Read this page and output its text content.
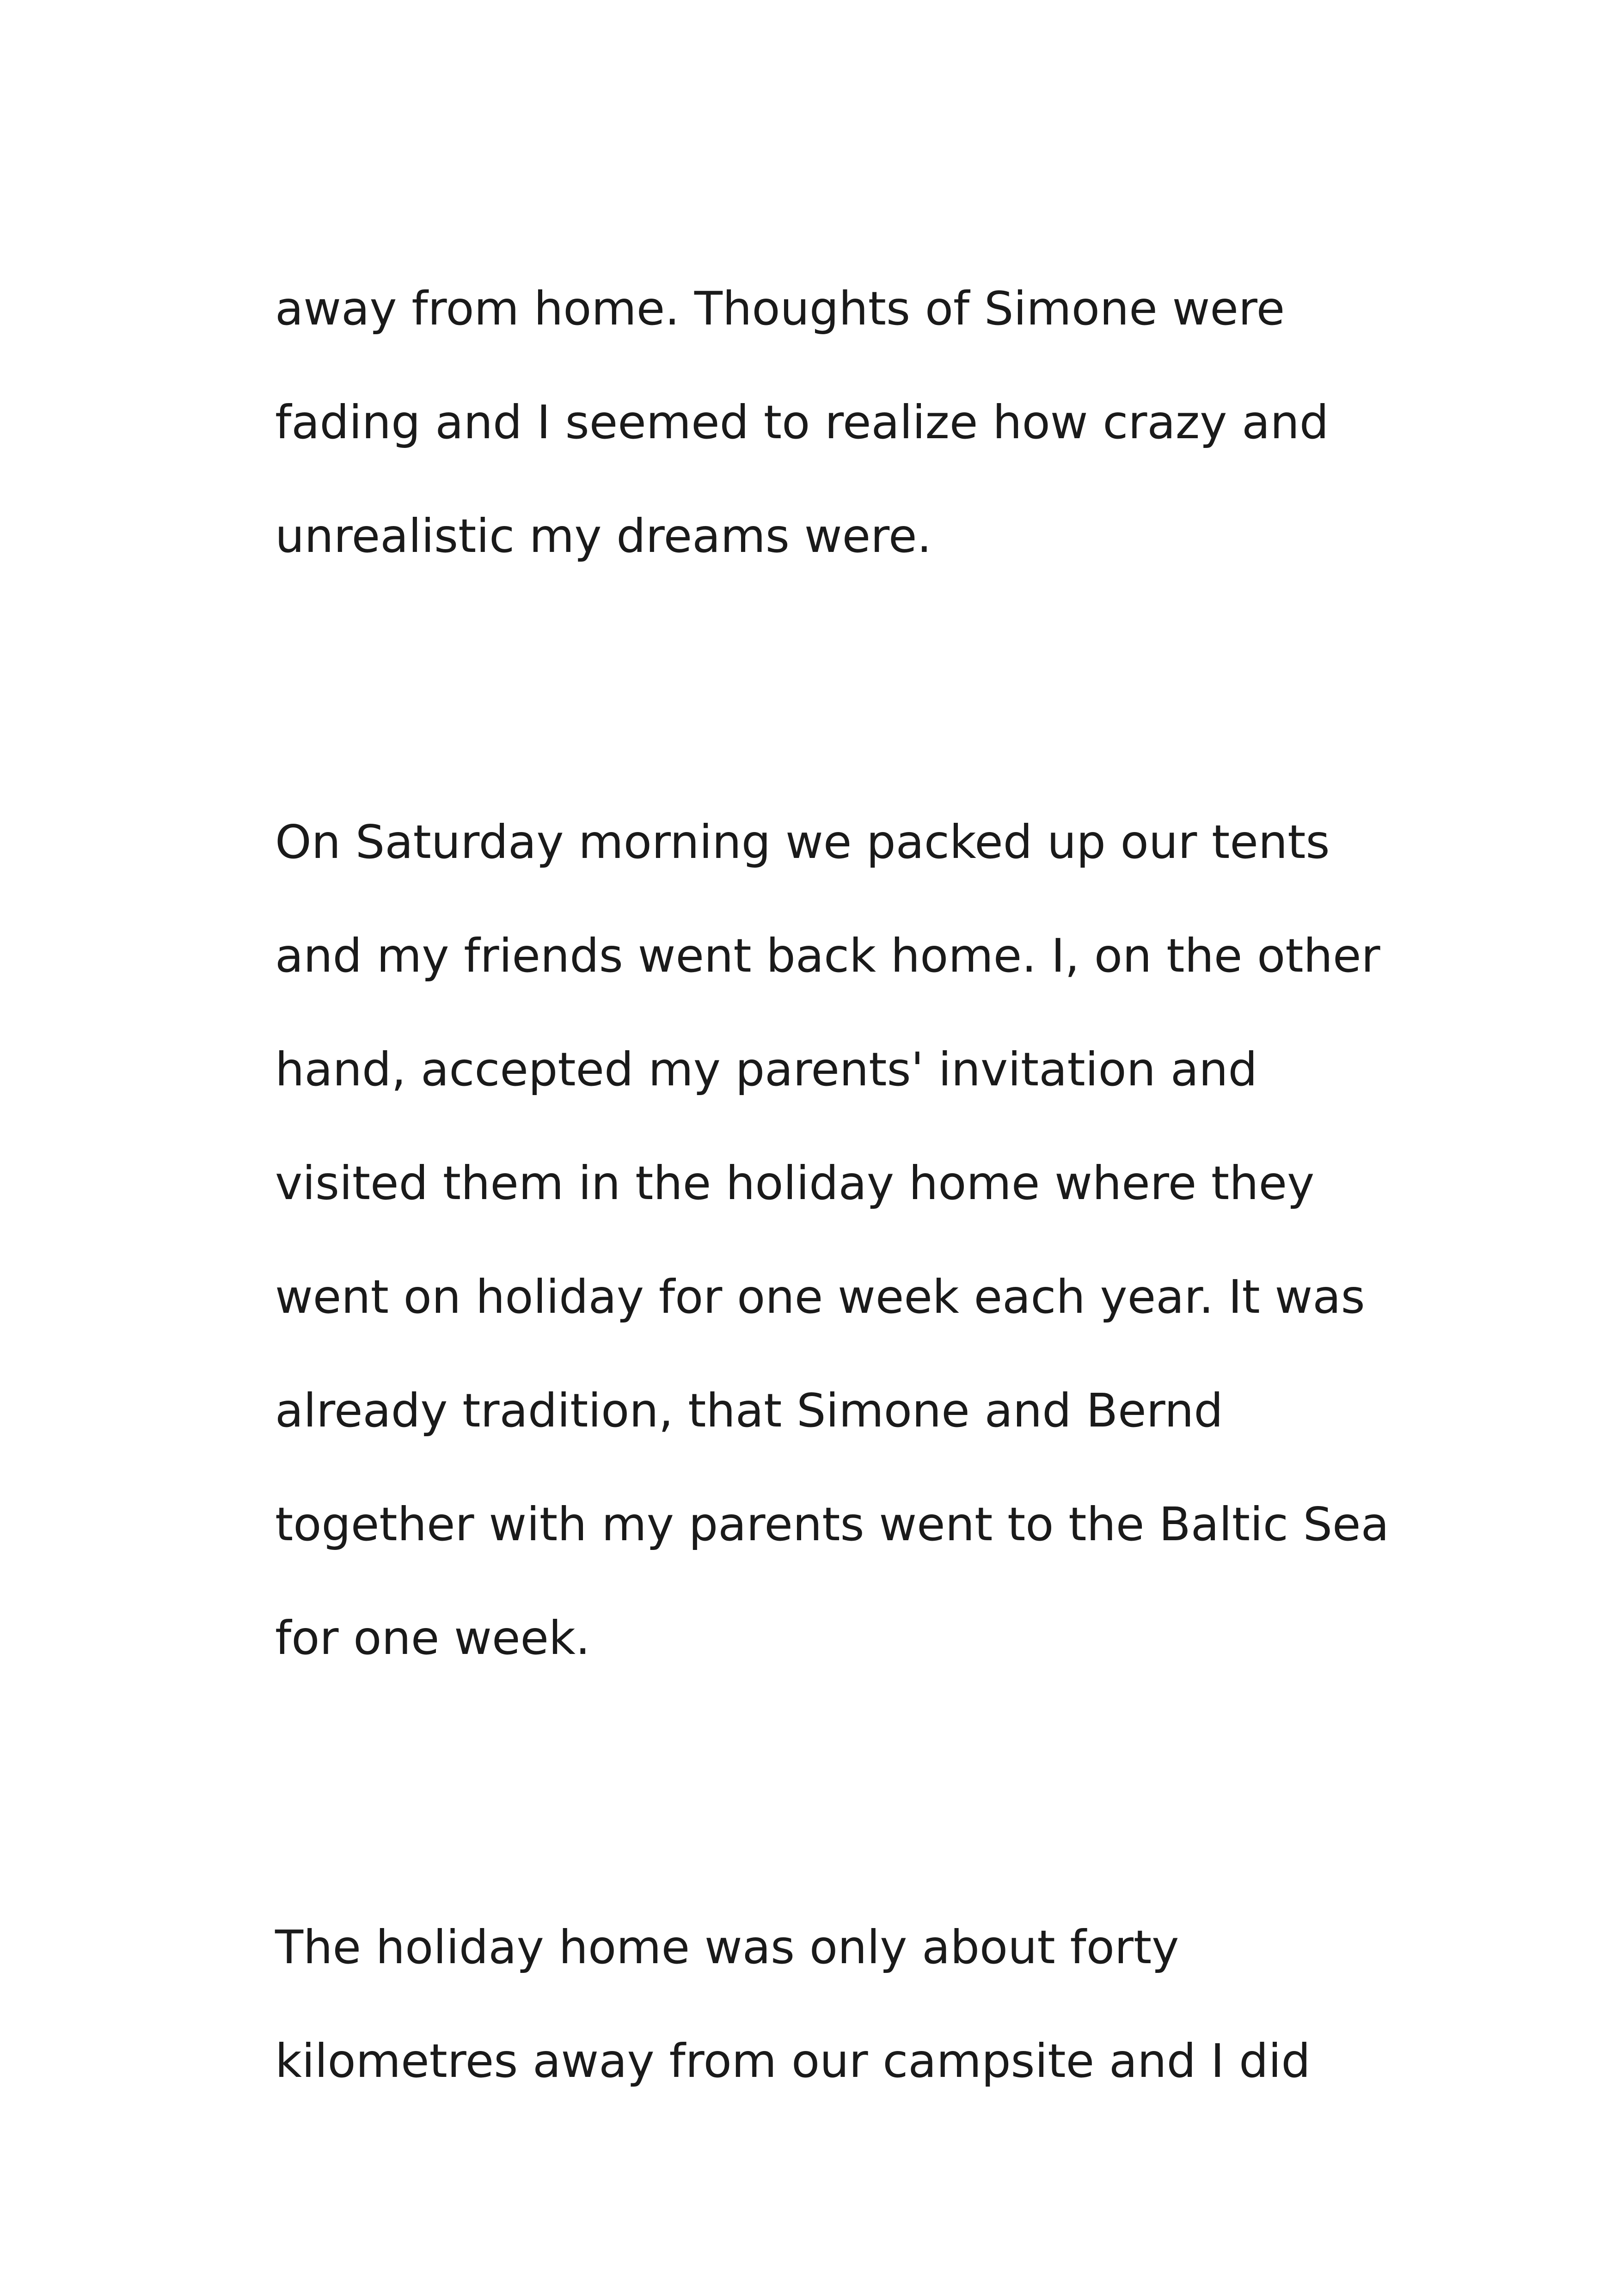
away from home. Thoughts of Simone were
fading and I seemed to realize how crazy and
unrealistic my dreams were.
On Saturday morning we packed up our tents
and my friends went back home. I, on the other
hand, accepted my parents' invitation and
visited them in the holiday home where they
went on holiday for one week each year. It was
already tradition, that Simone and Bernd
together with my parents went to the Baltic Sea
for one week.
The holiday home was only about forty
kilometres away from our campsite and I did
